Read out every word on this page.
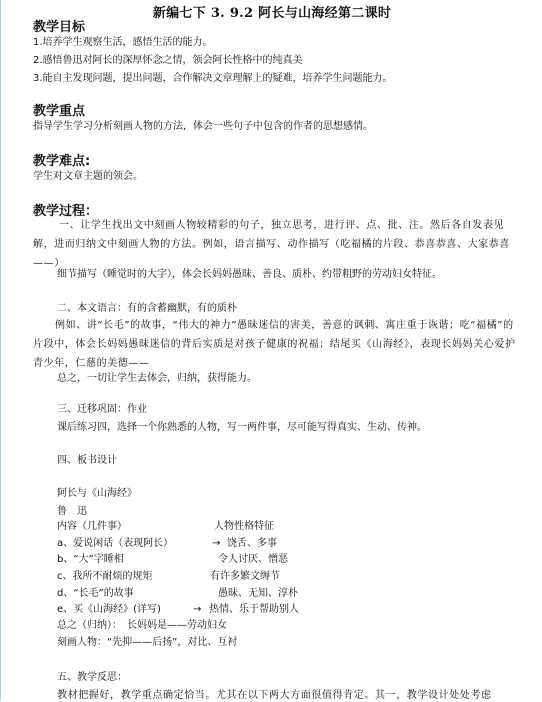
新编七下 3. 9.2 阿长与山海经第二课时
教学目标
1.培养学生观察生活，感悟生活的能力。
2.感悟鲁迅对阿长的深厚怀念之情，领会阿长性格中的纯真美
3.能自主发现问题，提出问题，合作解决文章理解上的疑难，培养学生问题能力。
教学重点
指导学生学习分析刻画人物的方法，体会一些句子中包含的作者的思想感情。
教学难点:
学生对文章主题的领会。
教学过程：
一、让学生找出文中刻画人物较精彩的句子，独立思考，进行评、点、批、注。然后各自发表见解，进而归纳文中刻画人物的方法。例如，语言描写、动作描写（吃福橘的片段、恭喜恭喜、大家恭喜——）
细节描写（睡觉时的大字），体会长妈妈愚昧、善良、质朴、约带粗野的劳动妇女特征。
二、本文语言：有的含蓄幽默，有的质朴
例如、讲“长毛”的故事，“伟大的神力”愚昧迷信的害美，善意的讽刺、寓庄重于诙谐；吃“福橘”的片段中，体会长妈妈愚昧迷信的背后实质是对孩子健康的祝福；结尾买《山海经》，表现长妈妈关心爱护青少年，仁慈的美德——
总之，一切让学生去体会，归纳，获得能力。
三、迁移巩固：作业
课后练习四，选择一个你熟悉的人物，写一两件事，尽可能写得真实、生动、传神。
四、板书设计
阿长与《山海经》
鲁　迅
内容（几件事）	人物性格特征
a、爱说闲话（表现阿长）	→ 饶舌、多事
b、“大”字睡相	令人讨厌、憎恶
c、我所不耐烦的规矩	有许多繁文缛节
d、“长毛”的故事	愚昧、无知、淳朴
e、买《山海经》(详写)	→ 热情、乐于帮助别人
总之（归纳）：　长妈妈是——劳动妇女
刻画人物：“先抑——后扬”，对比、互衬
五、教学反思：
教材把握好，教学重点确定恰当。尤其在以下两大方面很值得肯定。其一，教学设计处处考虑
